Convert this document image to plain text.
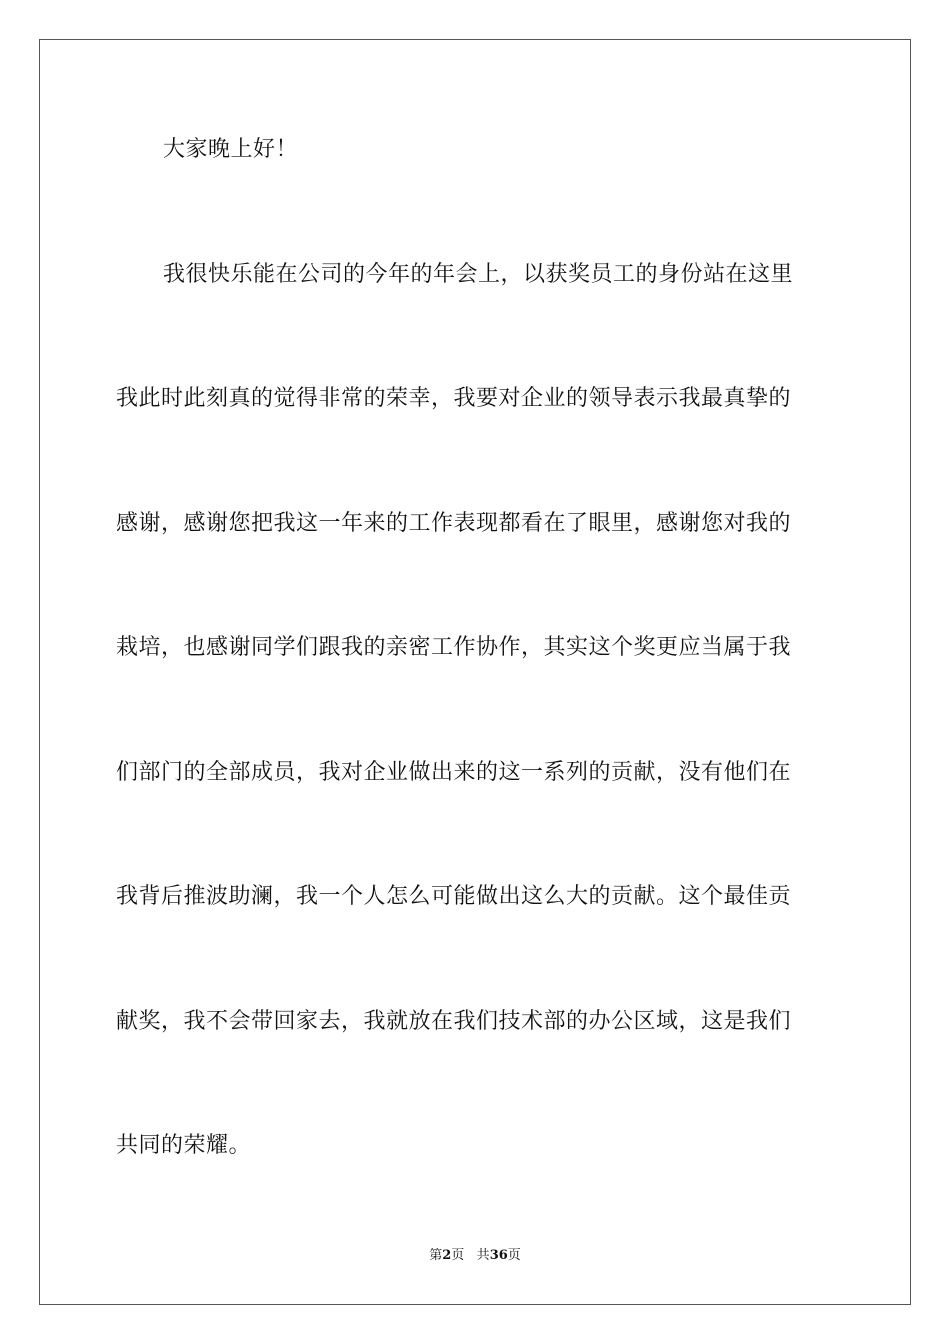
大家晚上好！
我很快乐能在公司的今年的年会上，以获奖员工的身份站在这里
我此时此刻真的觉得非常的荣幸，我要对企业的领导表示我最真挚的
感谢，感谢您把我这一年来的工作表现都看在了眼里，感谢您对我的
栽培，也感谢同学们跟我的亲密工作协作，其实这个奖更应当属于我
们部门的全部成员，我对企业做出来的这一系列的贡献，没有他们在
我背后推波助澜，我一个人怎么可能做出这么大的贡献。这个最佳贡
献奖，我不会带回家去，我就放在我们技术部的办公区域，这是我们
共同的荣耀。
第2页 共36页
